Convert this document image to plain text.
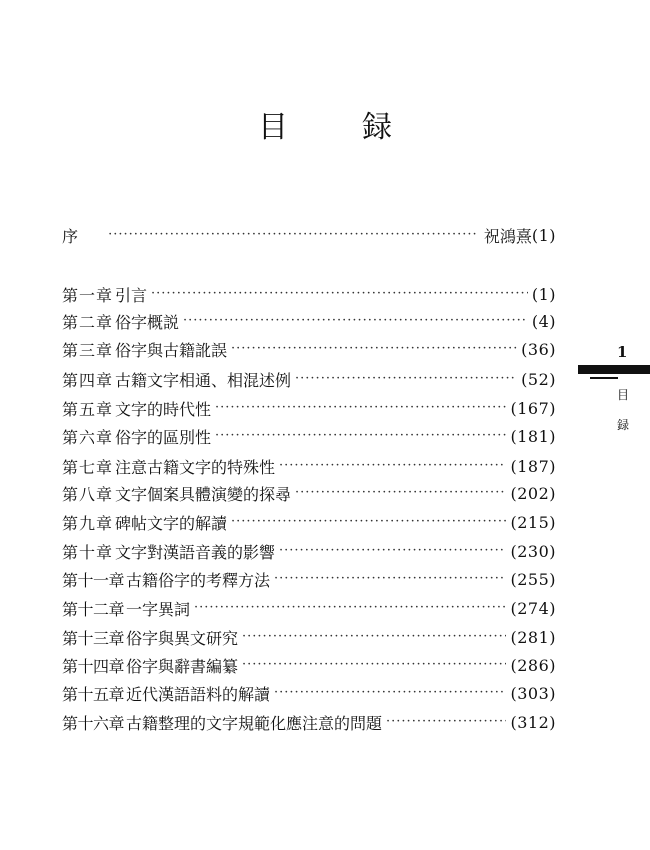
目　録
序 ·····	祝鴻熹 (1)
第一章 引言 ·····	(1)
第二章 俗字概説 ·····	(4)
第三章 俗字與古籍訛誤 ·····	(36)
第四章 古籍文字相通、相混述例 ·····	(52)
第五章 文字的時代性 ·····	(167)
第六章 俗字的區別性 ·····	(181)
第七章 注意古籍文字的特殊性 ·····	(187)
第八章 文字個案具體演變的探尋 ·····	(202)
第九章 碑帖文字的解讀 ·····	(215)
第十章 文字對漢語音義的影響 ·····	(230)
第十一章 古籍俗字的考釋方法 ·····	(255)
第十二章 一字異詞 ·····	(274)
第十三章 俗字與異文研究 ·····	(281)
第十四章 俗字與辭書編纂 ·····	(286)
第十五章 近代漢語語料的解讀 ·····	(303)
第十六章 古籍整理的文字規範化應注意的問題 ·····	(312)
1
目録
